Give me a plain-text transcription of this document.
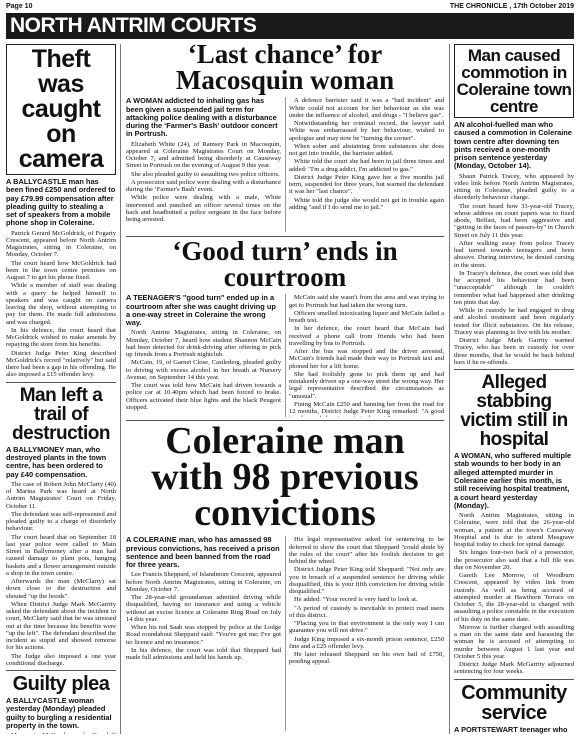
Page 10	THE CHRONICLE , 17th October 2019
NORTH ANTRIM COURTS
Theft was caught on camera
A BALLYCASTLE man has been fined £250 and ordered to pay £79.99 compensation after pleading guilty to stealing a set of speakers from a mobile phone shop in Coleraine.

Patrick Gerard McGoldrick, of Fogarty Crescent, appeared before North Antrim Magistrates, sitting in Coleraine, on Monday, October 7.

The court heard how McGoldrick had been in the town centre premises on August 7 to get his phone fixed.

While a member of staff was dealing with a query he helped himself to speakers and was caught on camera leaving the shop, without attempting to pay for them. He made full admissions and was charged.

In his defence, the court heard that McGoldrick wished to make amends by repaying the store from his benefits.

District Judge Peter King described McGoldrick's record "relatively" but said there had been a gap in his offending. He also imposed a £15 offender levy.

Man left a trail of destruction
A BALLYMONEY man, who destroyed plants in the town centre, has been ordered to pay £40 compensation.

The case of Robert John McClarty (40) of Marina Park was heard at North Antrim Magistrates' Court on Friday, October 11.

The defendant was self-represented and pleaded guilty to a charge of disorderly behaviour.

The court heard that on September 18 last year police were called to Main Street in Ballymoney after a man had caused damage to plant pots, hanging baskets and a flower arrangement outside a shop in the town centre.

Afterwards the man (McClarty) sat down close to the destruction and shouted "up the hoods".

When District Judge Mark McGarrity asked the defendant about the incident in court, McClarty said that he was stressed out at the time because his benefits were "up the left". The defendant described the incident as stupid and showed remorse for his actions.

The Judge also imposed a one year conditional discharge.

Guilty plea
A BALLYCASTLE woman yesterday (Monday) pleaded guilty to burgling a residential property in the town.

‘Last chance’ for Macosquin woman
A WOMAN addicted to inhaling gas has been given a suspended jail term for attacking police dealing with a disturbance during the ‘Farmer's Bash’ outdoor concert in Portrush.

Elizabeth White (24), of Ramsey Park in Macosquin, appeared at Coleraine Magistrates Court on Monday, October 7, and admitted being disorderly at Causeway Street in Portrush on the evening of August 9 this year.

She also pleaded guilty to assaulting two police officers.

A prosecutor said police were dealing with a disturbance during the ‘Farmer's Bash’ event.

While police were dealing with a male, White intervened and punched an officer several times on the back and headbutted a police sergeant in the face before being arrested.

A defence barrister said it was a "bad incident" and White could not account for her behaviour as she was under the influence of alcohol, and drugs - "I believe gas".

Notwithstanding her criminal record, the lawyer said White was embarrassed by her behaviour, wished to apologise and may now be "turning the corner".

When sober and abstaining from substances she does not get into trouble, the barrister added.

White told the court she had been in jail three times and added: "I'm a drug addict, I'm addicted to gas."

District Judge Peter King gave her a five months jail term, suspended for three years, but warned the defendant it was her "last chance".

White told the judge she would not get in trouble again adding "and if I do send me to jail."

‘Good turn’ ends in courtroom
A TEENAGER'S "good turn" ended up in a courtroom after she was caught driving up a one-way street in Coleraine the wrong way.

North Antrim Magistrates, sitting in Coleraine, on Monday, October 7, heard how student Shannon McCain had been detected for drink-driving after offering to pick up friends from a Portrush nightclub.

McCain, 19, of Garnet Close, Castlederg, pleaded guilty to driving with excess alcohol in her breath at Nursery Avenue, on September 14 this year.

The court was told how McCain had driven towards a police car at 10.40pm which had been forced to brake. Officers activated their blue lights and the black Peugeot stopped.

McCain said she wasn't from the area and was trying to get to Portrush but had taken the wrong turn.

Officers smelled intoxicating liquor and McCain failed a breath test.

In her defence, the court heard that McCain had received a phone call from friends who had been travelling by bus to Portrush.

After the bus was stopped and the driver arrested, McCain's friends had made their way to Portrush taxi and phoned her for a lift home.

She had foolishly gone to pick them up and had mistakenly driven up a one-way street the wrong way. Her legal representative described the circumstances as "unusual".

Fining McCain £250 and banning her from the road for 12 months, District Judge Peter King remarked: "A good

Coleraine man with 98 previous convictions
A COLERAINE man, who has amassed 98 previous convictions, has received a prison sentence and been banned from the road for three years.

Lee Francis Sheppard, of Islandmore Crescent, appeared before North Antrim Magistrates, sitting in Coleraine, on Monday, October 7.

The 28-year-old groundsman admitted driving while disqualified, having no insurance and using a vehicle without an excise licence at Coleraine Ring Road on July 14 this year.

When his red Saab was stopped by police at the Lodge Road roundabout Sheppard said: "You've got me; I've got no licence and no insurance."

In his defence, the court was told that Sheppard had made full admissions and held his hands up.

His legal representative asked for sentencing to be deferred to show the court that Sheppard "could abide by the rules of the court" after his foolish decision to get behind the wheel.

District Judge Peter King told Sheppard: "Not only are you in breach of a suspended sentence for driving while disqualified, this is your fifth conviction for driving while disqualified."

He added: "Your record is very hard to look at.

"A period of custody is inevitable to protect road users of this district.

"Placing you in that environment is the only way I can guarantee you will not drive."

Judge King imposed a six-month prison sentence, £250 fine and a £25 offender levy.

He later released Sheppard on his own bail of £750, pending appeal.

Man caused commotion in Coleraine town centre
AN alcohol-fuelled man who caused a commotion in Coleraine town centre after downing ten pints received a one-month prison sentence yesterday (Monday, October 14).

Shaun Patrick Tracey, who appeared by video link before North Antrim Magistrates, sitting in Coleraine, pleaded guilty to a disorderly behaviour charge.

The court heard how 33-year-old Tracey, whose address on court papers was to fixed abode, Belfast, had been aggressive and "getting in the faces of passers-by" in Church Street on July 11 this year.

After walking away from police Tracey had turned towards teenagers and been abusive. During interview, he denied cursing in the street.

In Tracey's defence, the court was told that he accepted his behaviour had been "unacceptable" although he couldn't remember what had happened after drinking ten pints that day.

While in custody he had engaged in drug and alcohol treatment and been regularly tested for illicit substances. On his release, Tracey was planning to live with his mother.

District Judge Mark Garrity warned Tracey, who has been in custody for over three months, that he would be back behind bars if he re-offends.

Alleged stabbing victim still in hospital
A WOMAN, who suffered multiple stab wounds to her body in an alleged attempted murder in Coleraine earlier this month, is still receiving hospital treatment, a court heard yesterday (Monday).

North Antrim Magistrates, sitting in Coleraine, were told that the 26-year-old woman, a patient at the town's Causeway Hospital and is due to attend Musgrave hospital today to check for spinal damage.

Six lunges four-two back of a prosecutor, the prosecutor also said that a full file was due on November 20.

Gareth Lee Morrow, of Woodburn Crescent, appeared by video link from custody. As well as being accused of attempted murder at Hawthorn Terrace on October 5, the 28-year-old is charged with assaulting a police constable in the execution of his duty on the same date.

Morrow is further charged with assaulting a man on the same date and harassing the woman he is accused of attempting to murder between August 1 last year and October 5 this year.

District Judge Mark McGarrity adjourned sentencing for four weeks.

Community service
A PORTSTEWART teenager who
